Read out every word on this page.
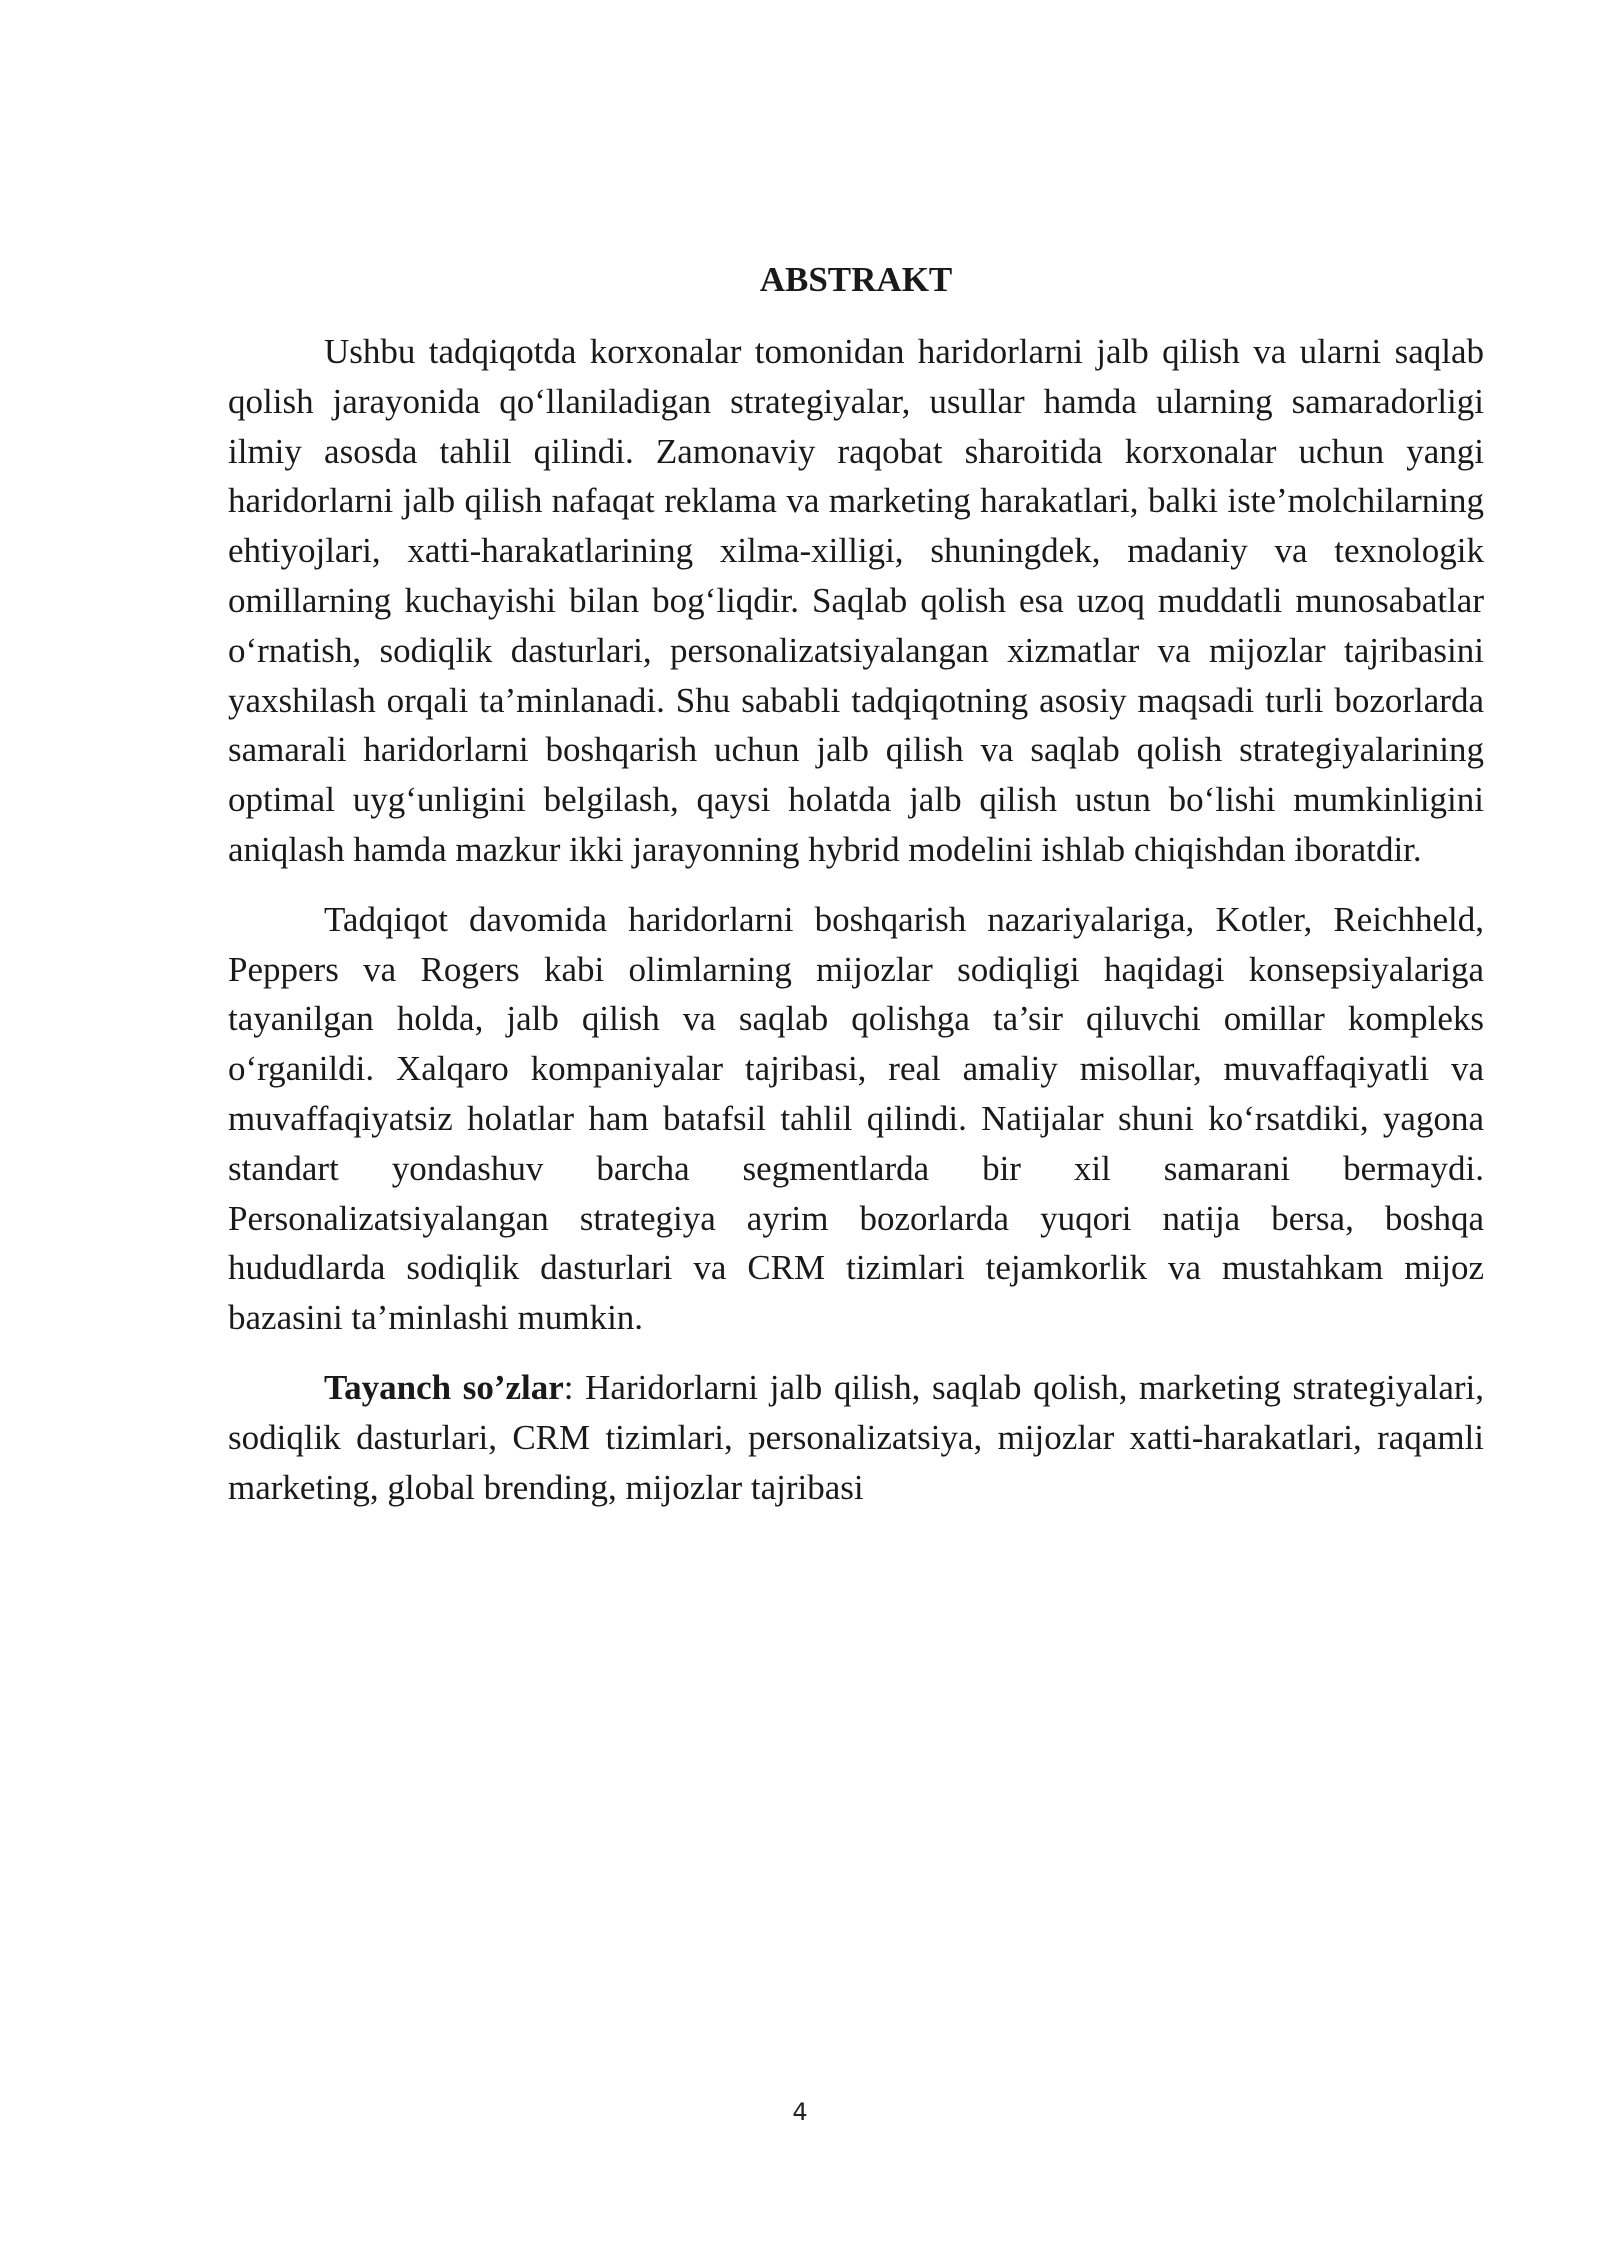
ABSTRAKT

Ushbu tadqiqotda korxonalar tomonidan haridorlarni jalb qilish va ularni saqlab qolish jarayonida qo‘llaniladigan strategiyalar, usullar hamda ularning samaradorligi ilmiy asosda tahlil qilindi. Zamonaviy raqobat sharoitida korxonalar uchun yangi haridorlarni jalb qilish nafaqat reklama va marketing harakatlari, balki iste’molchilarning ehtiyojlari, xatti-harakatlarining xilma-xilligi, shuningdek, madaniy va texnologik omillarning kuchayishi bilan bog‘liqdir. Saqlab qolish esa uzoq muddatli munosabatlar o‘rnatish, sodiqlik dasturlari, personalizatsiyalangan xizmatlar va mijozlar tajribasini yaxshilash orqali ta’minlanadi. Shu sababli tadqiqotning asosiy maqsadi turli bozorlarda samarali haridorlarni boshqarish uchun jalb qilish va saqlab qolish strategiyalarining optimal uyg‘unligini belgilash, qaysi holatda jalb qilish ustun bo‘lishi mumkinligini aniqlash hamda mazkur ikki jarayonning hybrid modelini ishlab chiqishdan iboratdir.

Tadqiqot davomida haridorlarni boshqarish nazariyalariga, Kotler, Reichheld, Peppers va Rogers kabi olimlarning mijozlar sodiqligi haqidagi konsepsiyalariga tayanilgan holda, jalb qilish va saqlab qolishga ta’sir qiluvchi omillar kompleks o‘rganildi. Xalqaro kompaniyalar tajribasi, real amaliy misollar, muvaffaqiyatli va muvaffaqiyatsiz holatlar ham batafsil tahlil qilindi. Natijalar shuni ko‘rsatdiki, yagona standart yondashuv barcha segmentlarda bir xil samarani bermaydi. Personalizatsiyalangan strategiya ayrim bozorlarda yuqori natija bersa, boshqa hududlarda sodiqlik dasturlari va CRM tizimlari tejamkorlik va mustahkam mijoz bazasini ta’minlashi mumkin.

Tayanch so’zlar: Haridorlarni jalb qilish, saqlab qolish, marketing strategiyalari, sodiqlik dasturlari, CRM tizimlari, personalizatsiya, mijozlar xatti-harakatlari, raqamli marketing, global brending, mijozlar tajribasi

4
